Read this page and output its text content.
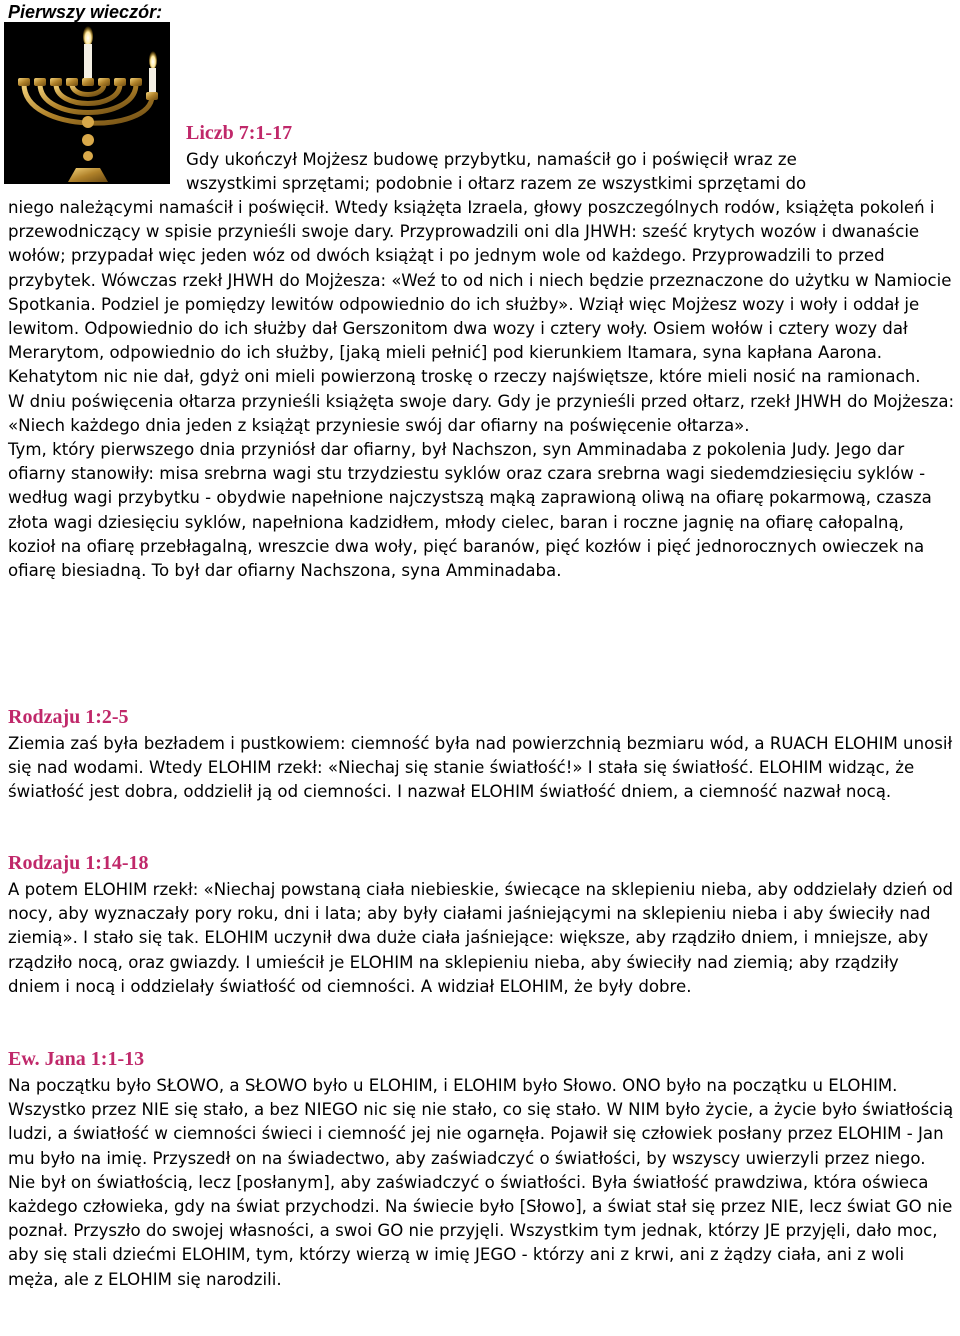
Pierwszy wieczór:
Liczb 7:1-17
Gdy ukończył Mojżesz budowę przybytku, namaścił go i poświęcił wraz ze
wszystkimi sprzętami; podobnie i ołtarz razem ze wszystkimi sprzętami do

niego należącymi namaścił i poświęcił. Wtedy książęta Izraela, głowy poszczególnych rodów, książęta pokoleń i przewodniczący w spisie przynieśli swoje dary. Przyprowadzili oni dla JHWH: sześć krytych wozów i dwanaście wołów; przypadał więc jeden wóz od dwóch książąt i po jednym wole od każdego. Przyprowadzili to przed przybytek. Wówczas rzekł JHWH do Mojżesza: «Weź to od nich i niech będzie przeznaczone do użytku w Namiocie Spotkania. Podziel je pomiędzy lewitów odpowiednio do ich służby». Wziął więc Mojżesz wozy i woły i oddał je lewitom. Odpowiednio do ich służby dał Gerszonitom dwa wozy i cztery woły. Osiem wołów i cztery wozy dał Merarytom, odpowiednio do ich służby, [jaką mieli pełnić] pod kierunkiem Itamara, syna kapłana Aarona. Kehatytom nic nie dał, gdyż oni mieli powierzoną troskę o rzeczy najświętsze, które mieli nosić na ramionach.

W dniu poświęcenia ołtarza przynieśli książęta swoje dary. Gdy je przynieśli przed ołtarz, rzekł JHWH do Mojżesza: «Niech każdego dnia jeden z książąt przyniesie swój dar ofiarny na poświęcenie ołtarza».

Tym, który pierwszego dnia przyniósł dar ofiarny, był Nachszon, syn Amminadaba z pokolenia Judy. Jego dar ofiarny stanowiły: misa srebrna wagi stu trzydziestu syklów oraz czara srebrna wagi siedemdziesięciu syklów - według wagi przybytku - obydwie napełnione najczystszą mąką zaprawioną oliwą na ofiarę pokarmową, czasza złota wagi dziesięciu syklów, napełniona kadzidłem, młody cielec, baran i roczne jagnię na ofiarę całopalną, kozioł na ofiarę przebłagalną, wreszcie dwa woły, pięć baranów, pięć kozłów i pięć jednorocznych owieczek na ofiarę biesiadną. To był dar ofiarny Nachszona, syna Amminadaba.

Rodzaju 1:2-5

Ziemia zaś była bezładem i pustkowiem: ciemność była nad powierzchnią bezmiaru wód, a RUACH ELOHIM unosił się nad wodami. Wtedy ELOHIM rzekł: «Niechaj się stanie światłość!» I stała się światłość. ELOHIM widząc, że światłość jest dobra, oddzielił ją od ciemności. I nazwał ELOHIM światłość dniem, a ciemność nazwał nocą.

Rodzaju 1:14-18

A potem ELOHIM rzekł: «Niechaj powstaną ciała niebieskie, świecące na sklepieniu nieba, aby oddzielały dzień od nocy, aby wyznaczały pory roku, dni i lata; aby były ciałami jaśniejącymi na sklepieniu nieba i aby świeciły nad ziemią». I stało się tak. ELOHIM uczynił dwa duże ciała jaśniejące: większe, aby rządziło dniem, i mniejsze, aby rządziło nocą, oraz gwiazdy. I umieścił je ELOHIM na sklepieniu nieba, aby świeciły nad ziemią; aby rządziły dniem i nocą i oddzielały światłość od ciemności. A widział ELOHIM, że były dobre.

Ew. Jana 1:1-13

Na początku było SŁOWO, a SŁOWO było u ELOHIM, i ELOHIM było Słowo. ONO było na początku u ELOHIM. Wszystko przez NIE się stało, a bez NIEGO nic się nie stało, co się stało. W NIM było życie, a życie było światłością ludzi, a światłość w ciemności świeci i ciemność jej nie ogarnęła. Pojawił się człowiek posłany przez ELOHIM - Jan mu było na imię. Przyszedł on na świadectwo, aby zaświadczyć o światłości, by wszyscy uwierzyli przez niego. Nie był on światłością, lecz [posłanym], aby zaświadczyć o światłości. Była światłość prawdziwa, która oświeca każdego człowieka, gdy na świat przychodzi. Na świecie było [Słowo], a świat stał się przez NIE, lecz świat GO nie poznał. Przyszło do swojej własności, a swoi GO nie przyjęli. Wszystkim tym jednak, którzy JE przyjęli, dało moc, aby się stali dziećmi ELOHIM, tym, którzy wierzą w imię JEGO - którzy ani z krwi, ani z żądzy ciała, ani z woli męża, ale z ELOHIM się narodzili.
